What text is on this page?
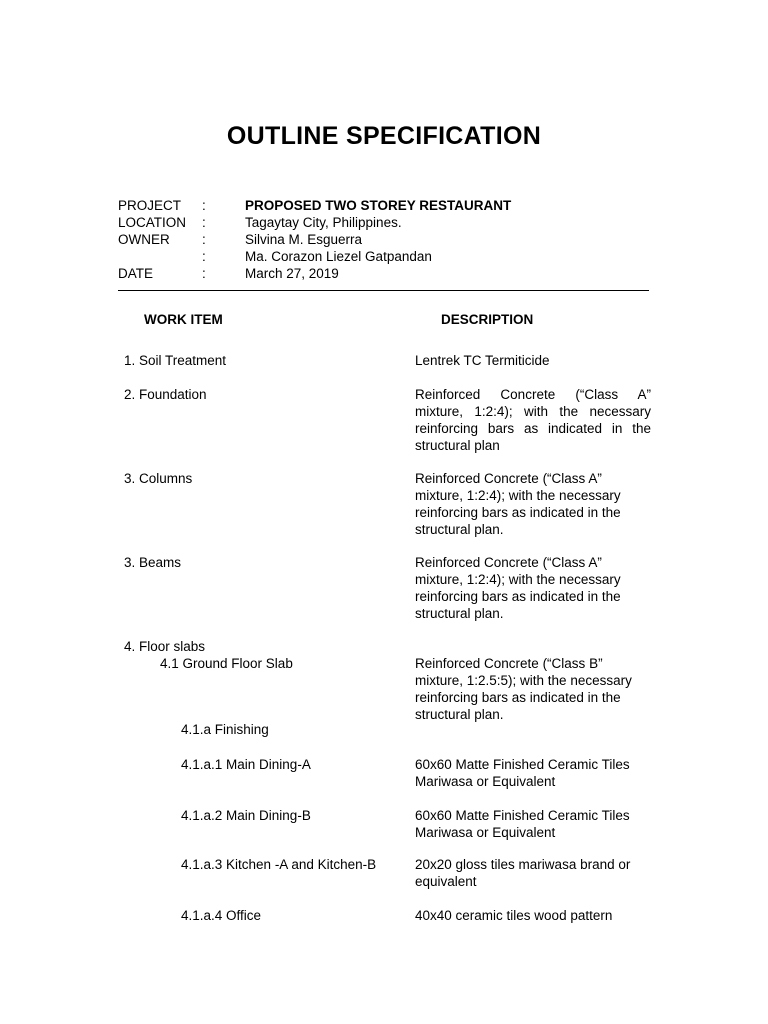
OUTLINE SPECIFICATION
PROJECT :	PROPOSED TWO STOREY RESTAURANT
LOCATION :	Tagaytay City, Philippines.
OWNER :	Silvina M. Esguerra
:	Ma. Corazon Liezel Gatpandan
DATE	:	March 27, 2019
WORK ITEM	DESCRIPTION
1. Soil Treatment	Lentrek TC Termiticide
2. Foundation	Reinforced Concrete (“Class A”
mixture, 1:2:4); with the necessary
reinforcing bars as indicated in the
structural plan
3. Columns	Reinforced Concrete (“Class A”
mixture, 1:2:4); with the necessary
reinforcing bars as indicated in the
structural plan.
3. Beams	Reinforced Concrete (“Class A”
mixture, 1:2:4); with the necessary
reinforcing bars as indicated in the
structural plan.
4. Floor slabs
4.1 Ground Floor Slab	Reinforced Concrete (“Class B”
mixture, 1:2.5:5); with the necessary
reinforcing bars as indicated in the
structural plan.
4.1.a Finishing
4.1.a.1 Main Dining-A	60x60 Matte Finished Ceramic Tiles
Mariwasa or Equivalent
4.1.a.2 Main Dining-B	60x60 Matte Finished Ceramic Tiles
Mariwasa or Equivalent
4.1.a.3 Kitchen -A and Kitchen-B	20x20 gloss tiles mariwasa brand or
equivalent
4.1.a.4 Office	40x40 ceramic tiles wood pattern
